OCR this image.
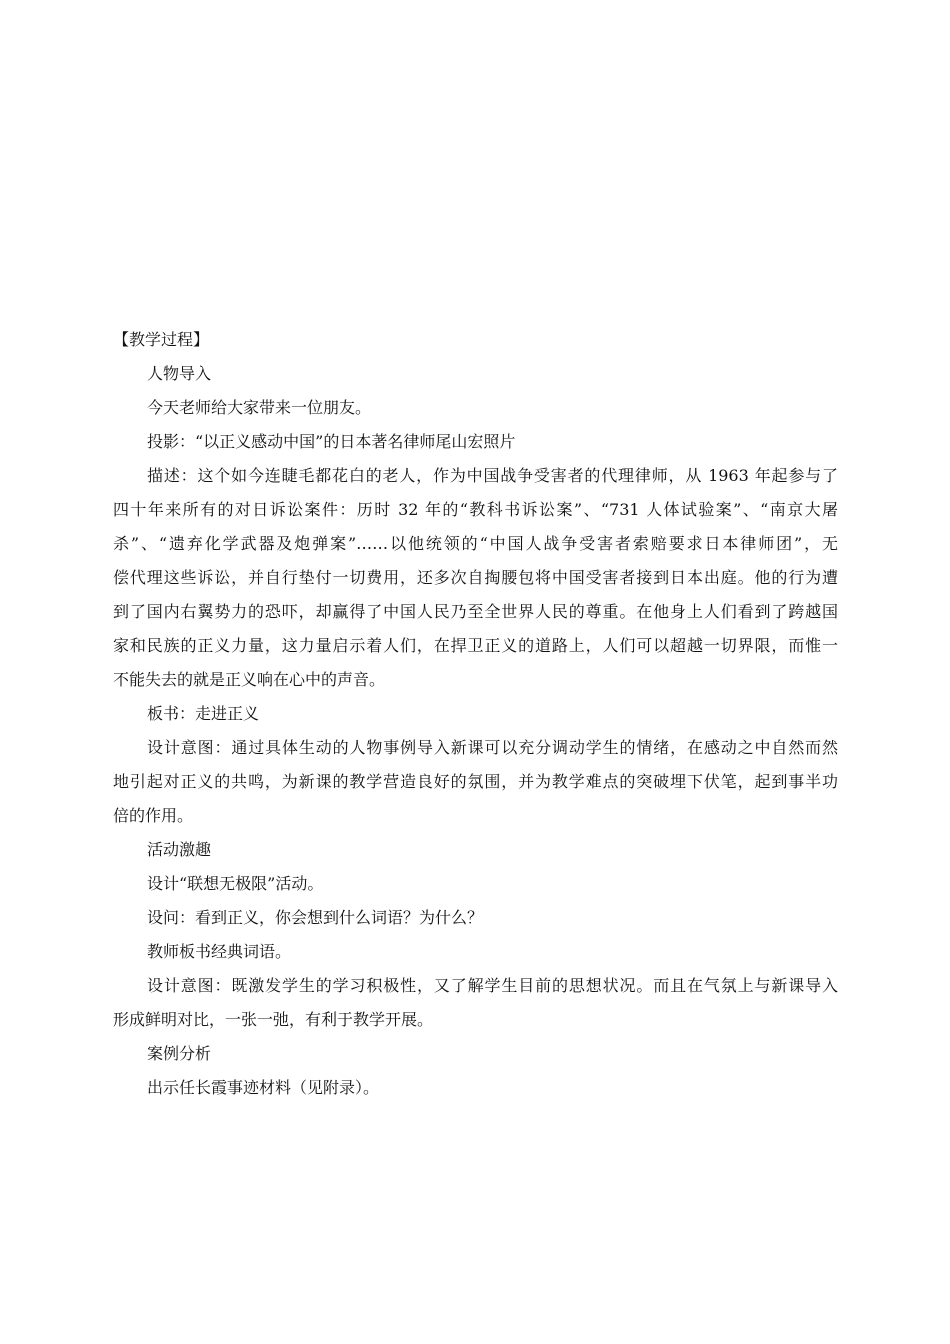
【教学过程】
人物导入
今天老师给大家带来一位朋友。
投影：“以正义感动中国”的日本著名律师尾山宏照片
描述：这个如今连睫毛都花白的老人，作为中国战争受害者的代理律师，从 1963 年起参与了
四十年来所有的对日诉讼案件：历时 32 年的“教科书诉讼案”、“731 人体试验案”、“南京大屠
杀”、“遗弃化学武器及炮弹案”……以他统领的“中国人战争受害者索赔要求日本律师团”，无
偿代理这些诉讼，并自行垫付一切费用，还多次自掏腰包将中国受害者接到日本出庭。他的行为遭
到了国内右翼势力的恐吓，却赢得了中国人民乃至全世界人民的尊重。在他身上人们看到了跨越国
家和民族的正义力量，这力量启示着人们，在捍卫正义的道路上，人们可以超越一切界限，而惟一
不能失去的就是正义响在心中的声音。
板书：走进正义
设计意图：通过具体生动的人物事例导入新课可以充分调动学生的情绪，在感动之中自然而然
地引起对正义的共鸣，为新课的教学营造良好的氛围，并为教学难点的突破埋下伏笔，起到事半功
倍的作用。
活动激趣
设计“联想无极限”活动。
设问：看到正义，你会想到什么词语？为什么？
教师板书经典词语。
设计意图：既激发学生的学习积极性，又了解学生目前的思想状况。而且在气氛上与新课导入
形成鲜明对比，一张一弛，有利于教学开展。
案例分析
出示任长霞事迹材料（见附录）。
